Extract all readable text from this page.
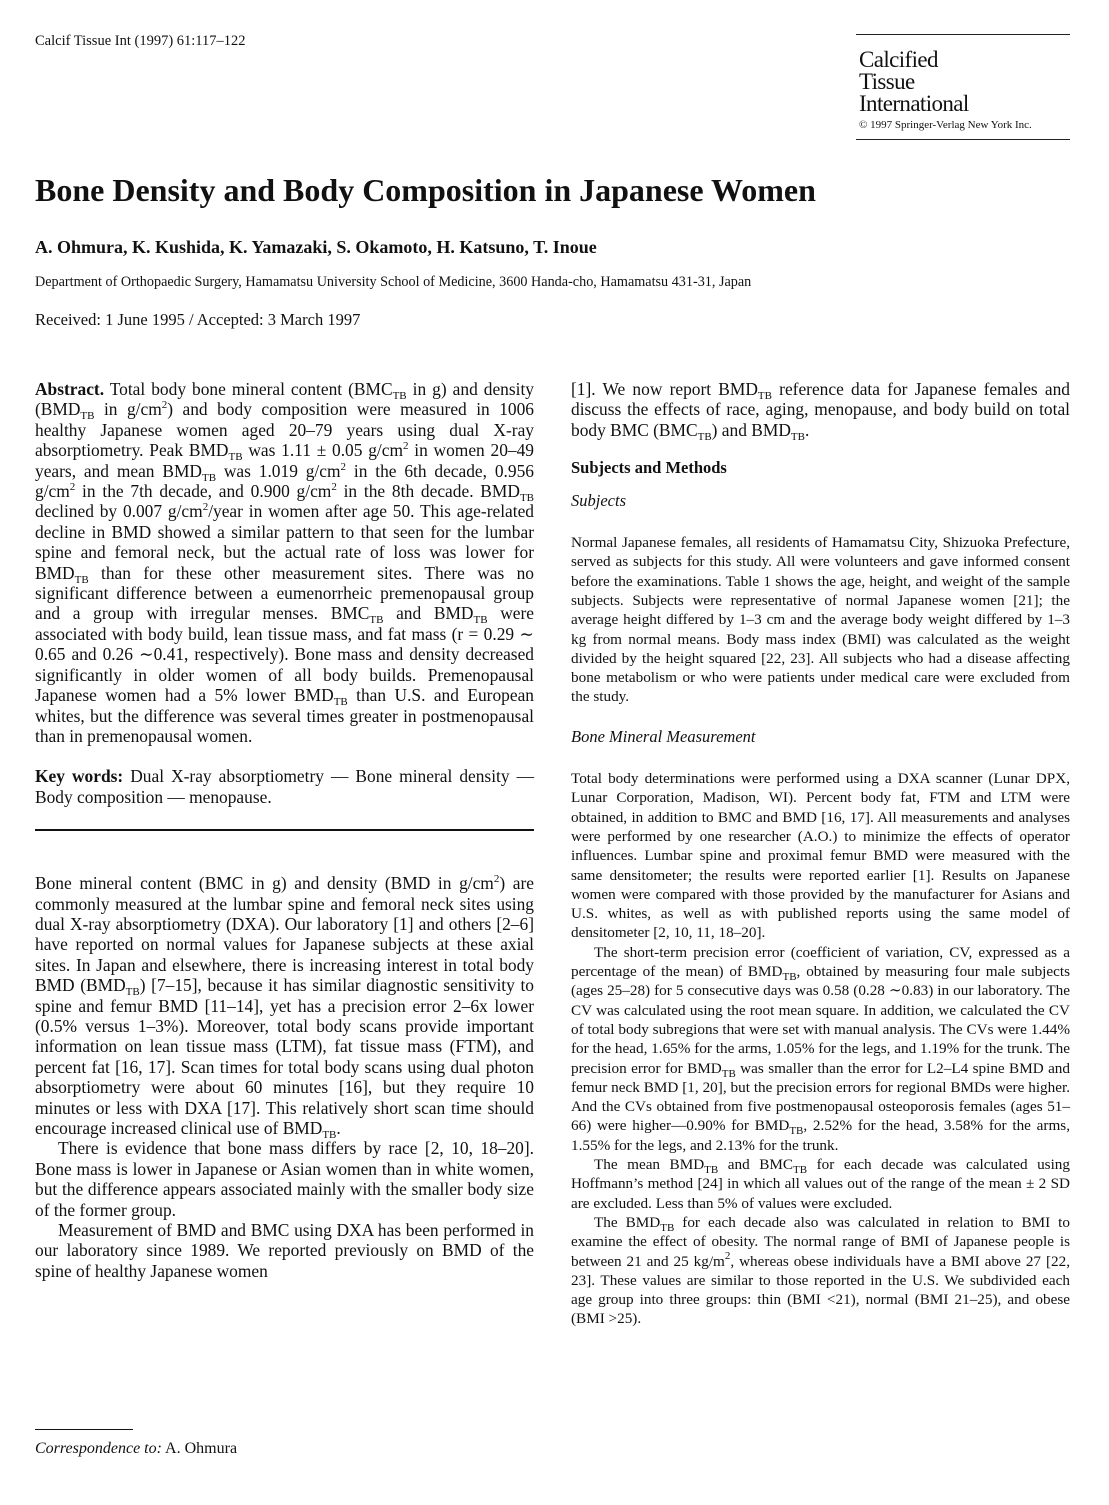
Calcif Tissue Int (1997) 61:117–122
Calcified
Tissue
International
© 1997 Springer-Verlag New York Inc.
Bone Density and Body Composition in Japanese Women
A. Ohmura, K. Kushida, K. Yamazaki, S. Okamoto, H. Katsuno, T. Inoue
Department of Orthopaedic Surgery, Hamamatsu University School of Medicine, 3600 Handa-cho, Hamamatsu 431-31, Japan
Received: 1 June 1995 / Accepted: 3 March 1997

Abstract. Total body bone mineral content ($BMC_{TB}$ in g) and density ($BMD_{TB}$ in $g/cm^2$) and body composition were measured in 1006 healthy Japanese women aged 20–79 years using dual X-ray absorptiometry. Peak $BMD_{TB}$ was 1.11 ± 0.05 $g/cm^2$ in women 20–49 years, and mean $BMD_{TB}$ was 1.019 $g/cm^2$ in the 6th decade, 0.956 $g/cm^2$ in the 7th decade, and 0.900 $g/cm^2$ in the 8th decade. $BMD_{TB}$ declined by 0.007 $g/cm^2$/year in women after age 50. This age-related decline in BMD showed a similar pattern to that seen for the lumbar spine and femoral neck, but the actual rate of loss was lower for $BMD_{TB}$ than for these other measurement sites. There was no significant difference between a eumenorrheic premenopausal group and a group with irregular menses. $BMC_{TB}$ and $BMD_{TB}$ were associated with body build, lean tissue mass, and fat mass (r = 0.29 ∼ 0.65 and 0.26 ∼0.41, respectively). Bone mass and density decreased significantly in older women of all body builds. Premenopausal Japanese women had a 5% lower $BMD_{TB}$ than U.S. and European whites, but the difference was several times greater in postmenopausal than in premenopausal women.

Key words: Dual X-ray absorptiometry — Bone mineral density — Body composition — menopause.

Bone mineral content (BMC in g) and density (BMD in $g/cm^2$) are commonly measured at the lumbar spine and femoral neck sites using dual X-ray absorptiometry (DXA). Our laboratory [1] and others [2–6] have reported on normal values for Japanese subjects at these axial sites. In Japan and elsewhere, there is increasing interest in total body BMD $(BMD_{TB})$ [7–15], because it has similar diagnostic sensitivity to spine and femur BMD [11–14], yet has a precision error 2–6x lower (0.5% versus 1–3%). Moreover, total body scans provide important information on lean tissue mass (LTM), fat tissue mass (FTM), and percent fat [16, 17]. Scan times for total body scans using dual photon absorptiometry were about 60 minutes [16], but they require 10 minutes or less with DXA [17]. This relatively short scan time should encourage increased clinical use of $BMD_{TB}$.

There is evidence that bone mass differs by race [2, 10, 18–20]. Bone mass is lower in Japanese or Asian women than in white women, but the difference appears associated mainly with the smaller body size of the former group.

Measurement of BMD and BMC using DXA has been performed in our laboratory since 1989. We reported previously on BMD of the spine of healthy Japanese women

[1]. We now report $BMD_{TB}$ reference data for Japanese females and discuss the effects of race, aging, menopause, and body build on total body BMC $(BMC_{TB})$ and $BMD_{TB}$.

Subjects and Methods
Subjects

Normal Japanese females, all residents of Hamamatsu City, Shizuoka Prefecture, served as subjects for this study. All were volunteers and gave informed consent before the examinations. Table 1 shows the age, height, and weight of the sample subjects. Subjects were representative of normal Japanese women [21]; the average height differed by 1–3 cm and the average body weight differed by 1–3 kg from normal means. Body mass index (BMI) was calculated as the weight divided by the height squared [22, 23]. All subjects who had a disease affecting bone metabolism or who were patients under medical care were excluded from the study.

Bone Mineral Measurement

Total body determinations were performed using a DXA scanner (Lunar DPX, Lunar Corporation, Madison, WI). Percent body fat, FTM and LTM were obtained, in addition to BMC and BMD [16, 17]. All measurements and analyses were performed by one researcher (A.O.) to minimize the effects of operator influences. Lumbar spine and proximal femur BMD were measured with the same densitometer; the results were reported earlier [1]. Results on Japanese women were compared with those provided by the manufacturer for Asians and U.S. whites, as well as with published reports using the same model of densitometer [2, 10, 11, 18–20].

The short-term precision error (coefficient of variation, CV, expressed as a percentage of the mean) of $BMD_{TB}$, obtained by measuring four male subjects (ages 25–28) for 5 consecutive days was 0.58 (0.28 ∼0.83) in our laboratory. The CV was calculated using the root mean square. In addition, we calculated the CV of total body subregions that were set with manual analysis. The CVs were 1.44% for the head, 1.65% for the arms, 1.05% for the legs, and 1.19% for the trunk. The precision error for $BMD_{TB}$ was smaller than the error for L2–L4 spine BMD and femur neck BMD [1, 20], but the precision errors for regional BMDs were higher. And the CVs obtained from five postmenopausal osteoporosis females (ages 51–66) were higher—0.90% for $BMD_{TB}$, 2.52% for the head, 3.58% for the arms, 1.55% for the legs, and 2.13% for the trunk.

The mean $BMD_{TB}$ and $BMC_{TB}$ for each decade was calculated using Hoffmann’s method [24] in which all values out of the range of the mean ± 2 SD are excluded. Less than 5% of values were excluded.

The $BMD_{TB}$ for each decade also was calculated in relation to BMI to examine the effect of obesity. The normal range of BMI of Japanese people is between 21 and 25 $kg/m^2$, whereas obese individuals have a BMI above 27 [22, 23]. These values are similar to those reported in the U.S. We subdivided each age group into three groups: thin (BMI <21), normal (BMI 21–25), and obese (BMI >25).

Correspondence to: A. Ohmura
